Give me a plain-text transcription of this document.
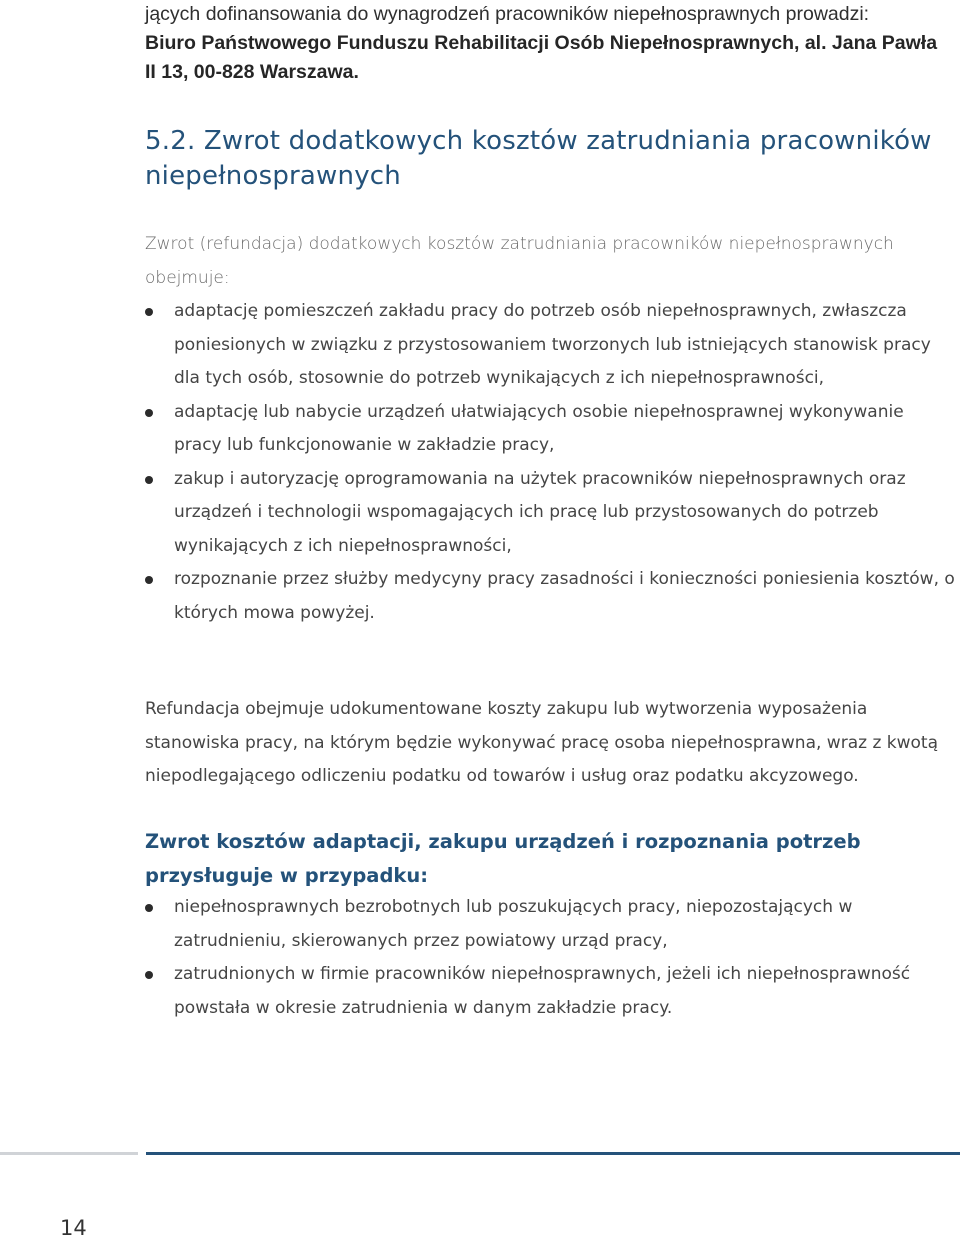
jących dofinansowania do wynagrodzeń pracowników niepełnosprawnych prowadzi:
Biuro Państwowego Funduszu Rehabilitacji Osób Niepełnosprawnych, al. Jana Pawła II 13, 00-828 Warszawa.

5.2. Zwrot dodatkowych kosztów zatrudniania pracowników niepełnosprawnych

Zwrot (refundacja) dodatkowych kosztów zatrudniania pracowników niepełnosprawnych obejmuje:

adaptację pomieszczeń zakładu pracy do potrzeb osób niepełnosprawnych, zwłaszcza poniesionych w związku z przystosowaniem tworzonych lub istniejących stanowisk pracy dla tych osób, stosownie do potrzeb wynikających z ich niepełnosprawności,
adaptację lub nabycie urządzeń ułatwiających osobie niepełnosprawnej wykonywanie pracy lub funkcjonowanie w zakładzie pracy,
zakup i autoryzację oprogramowania na użytek pracowników niepełnosprawnych oraz urządzeń i technologii wspomagających ich pracę lub przystosowanych do potrzeb wynikających z ich niepełnosprawności,
rozpoznanie przez służby medycyny pracy zasadności i konieczności poniesienia kosztów, o których mowa powyżej.

Refundacja obejmuje udokumentowane koszty zakupu lub wytworzenia wyposażenia stanowiska pracy, na którym będzie wykonywać pracę osoba niepełnosprawna, wraz z kwotą niepodlegającego odliczeniu podatku od towarów i usług oraz podatku akcyzowego.

Zwrot kosztów adaptacji, zakupu urządzeń i rozpoznania potrzeb przysługuje w przypadku:
niepełnosprawnych bezrobotnych lub poszukujących pracy, niepozostających w zatrudnieniu, skierowanych przez powiatowy urząd pracy,
zatrudnionych w firmie pracowników niepełnosprawnych, jeżeli ich niepełnosprawność powstała w okresie zatrudnienia w danym zakładzie pracy.
14
